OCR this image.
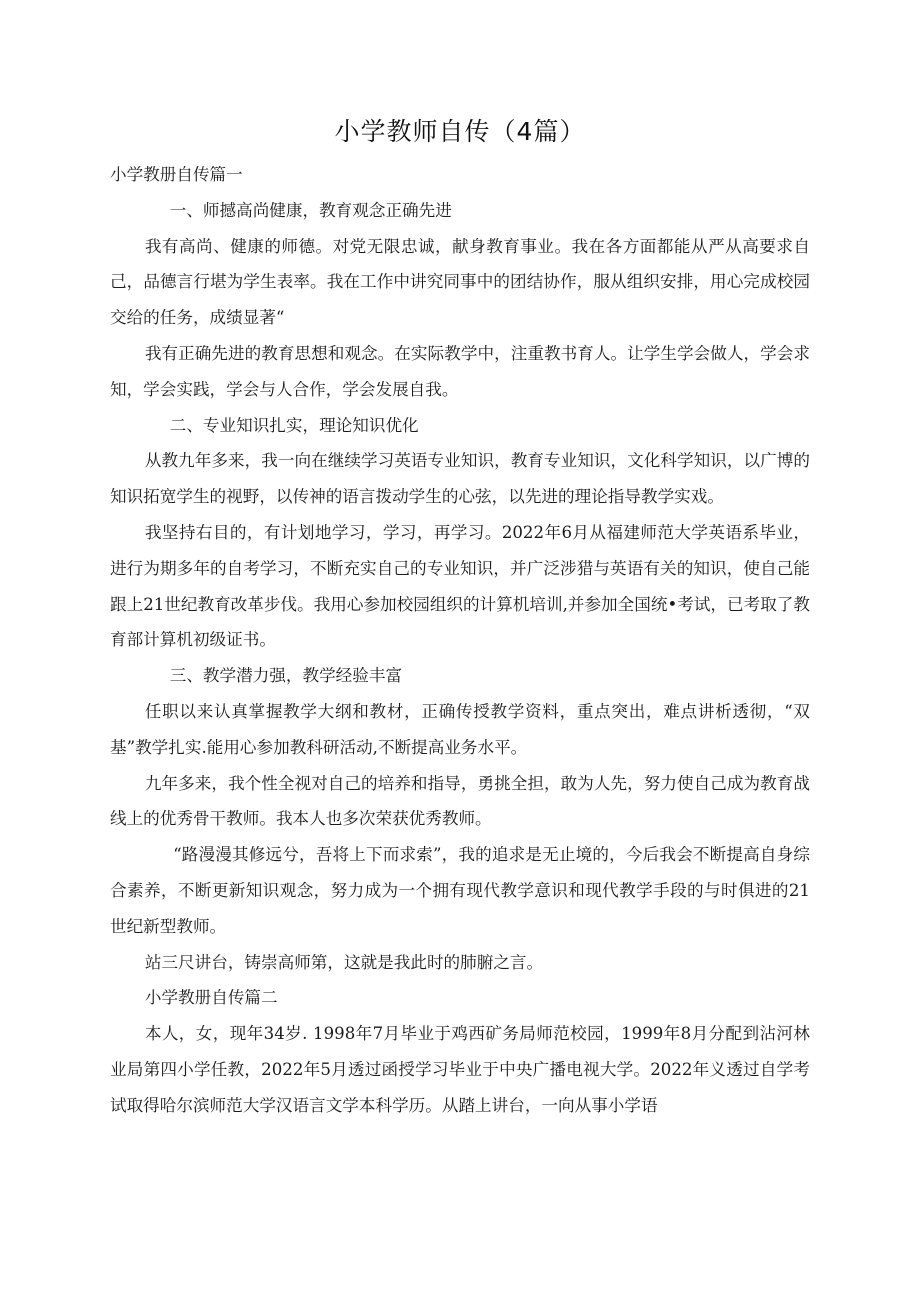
小学教师自传（4篇）

小学教册自传篇一

一、师撼高尚健康，教育观念正确先进

我有高尚、健康的师德。对党无限忠诚，献身教育事业。我在各方面都能从严从高要求自己，品德言行堪为学生表率。我在工作中讲究同事中的团结协作，服从组织安排，用心完成校园交给的任务，成绩显著“

我有正确先进的教育思想和观念。在实际教学中，注重教书育人。让学生学会做人，学会求知，学会实践，学会与人合作，学会发展自我。

二、专业知识扎实，理论知识优化

从教九年多来，我一向在继续学习英语专业知识，教育专业知识，文化科学知识，以广博的知识拓宽学生的视野，以传神的语言拨动学生的心弦，以先进的理论指导教学实戏。

我坚持右目的，有计划地学习，学习，再学习。2022年6月从福建师范大学英语系毕业，进行为期多年的自考学习，不断充实自己的专业知识，并广泛涉猎与英语有关的知识，使自己能跟上21世纪教育改革步伐。我用心参加校园组织的计算机培训,并参加全国统•考试，已考取了教育部计算机初级证书。

三、教学潜力强，教学经验丰富

任职以来认真掌握教学大纲和教材，正确传授教学资料，重点突出，难点讲析透彻，“双基”教学扎实.能用心参加教科研活动,不断提高业务水平。

九年多来，我个性全视对自己的培养和指导，勇挑全担，敢为人先，努力使自己成为教育战线上的优秀骨干教师。我本人也多次荣获优秀教师。

“路漫漫其修远兮，吾将上下而求索”，我的追求是无止境的，今后我会不断提高自身综合素养，不断更新知识观念，努力成为一个拥有现代教学意识和现代教学手段的与时俱进的21世纪新型教师。

站三尺讲台，铸崇高师第，这就是我此时的肺腑之言。

小学教册自传篇二

本人，女，现年34岁. 1998年7月毕业于鸡西矿务局师范校园，1999年8月分配到沾河林业局第四小学任教，2022年5月透过函授学习毕业于中央广播电视大学。2022年义透过自学考试取得哈尔滨师范大学汉语言文学本科学历。从踏上讲台，一向从事小学语
